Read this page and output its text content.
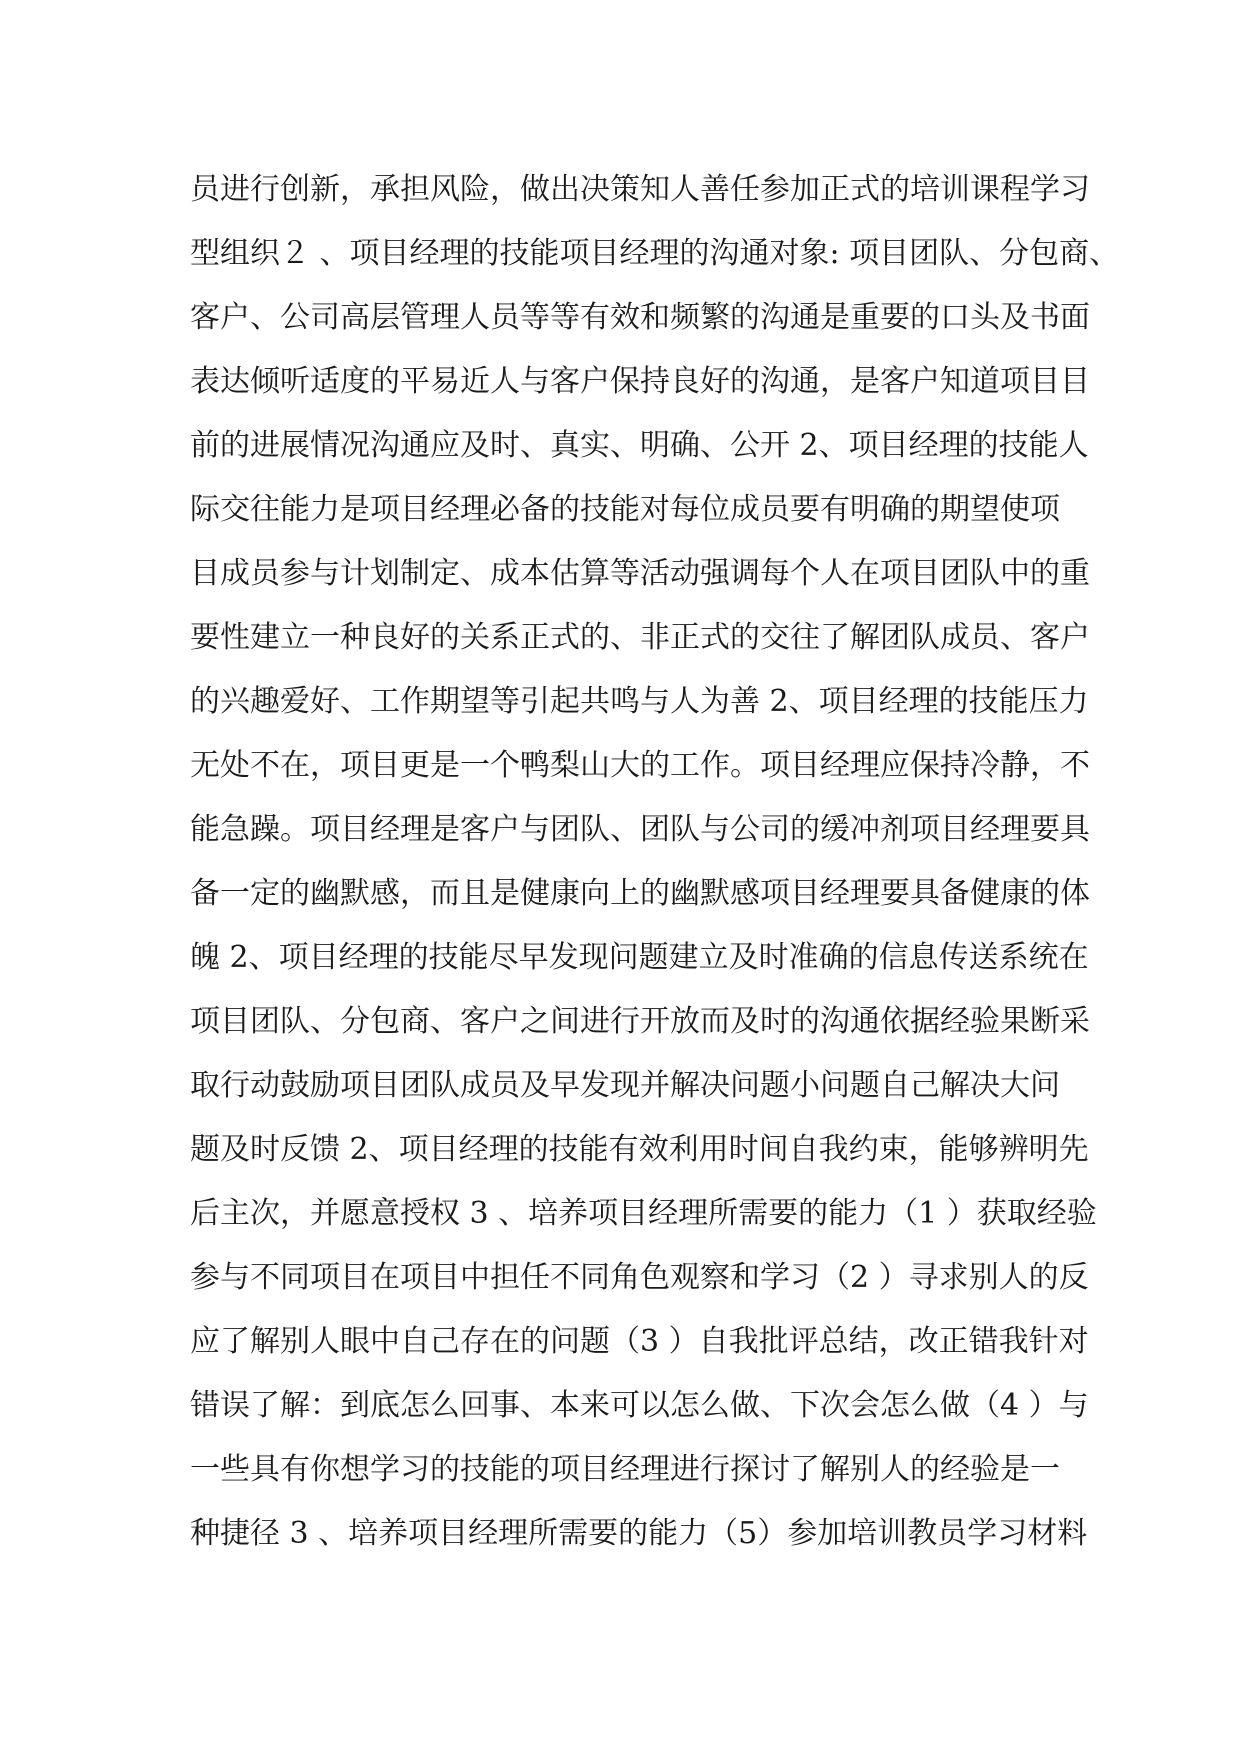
员进行创新，承担风险，做出决策知人善任参加正式的培训课程学习
型组织２ 、项目经理的技能项目经理的沟通对象: 项目团队、分包商、
客户、公司高层管理人员等等有效和频繁的沟通是重要的口头及书面
表达倾听适度的平易近人与客户保持良好的沟通，是客户知道项目目
前的进展情况沟通应及时、真实、明确、公开 2、项目经理的技能人
际交往能力是项目经理必备的技能对每位成员要有明确的期望使项
目成员参与计划制定、成本估算等活动强调每个人在项目团队中的重
要性建立一种良好的关系正式的、非正式的交往了解团队成员、客户
的兴趣爱好、工作期望等引起共鸣与人为善 2、项目经理的技能压力
无处不在，项目更是一个鸭梨山大的工作。项目经理应保持冷静，不
能急躁。项目经理是客户与团队、团队与公司的缓冲剂项目经理要具
备一定的幽默感，而且是健康向上的幽默感项目经理要具备健康的体
魄 2、项目经理的技能尽早发现问题建立及时准确的信息传送系统在
项目团队、分包商、客户之间进行开放而及时的沟通依据经验果断采
取行动鼓励项目团队成员及早发现并解决问题小问题自己解决大问
题及时反馈 2、项目经理的技能有效利用时间自我约束，能够辨明先
后主次，并愿意授权 3 、培养项目经理所需要的能力（1 ）获取经验
参与不同项目在项目中担任不同角色观察和学习（2 ）寻求别人的反
应了解别人眼中自己存在的问题（3 ）自我批评总结，改正错我针对
错误了解：到底怎么回事、本来可以怎么做、下次会怎么做（4 ）与
一些具有你想学习的技能的项目经理进行探讨了解别人的经验是一
种捷径 3 、培养项目经理所需要的能力（5）参加培训教员学习材料
